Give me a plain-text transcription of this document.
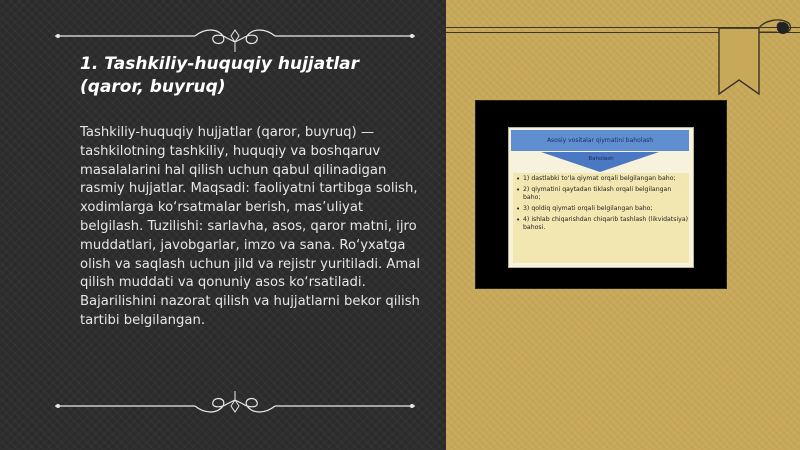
1. Tashkiliy-huquqiy hujjatlar (qaror, buyruq)

Tashkiliy-huquqiy hujjatlar (qaror, buyruq) — tashkilotning tashkiliy, huquqiy va boshqaruv masalalarini hal qilish uchun qabul qilinadigan rasmiy hujjatlar. Maqsadi: faoliyatni tartibga solish, xodimlarga ko‘rsatmalar berish, mas’uliyat belgilash. Tuzilishi: sarlavha, asos, qaror matni, ijro muddatlari, javobgarlar, imzo va sana. Ro‘yxatga olish va saqlash uchun jild va rejistr yuritiladi. Amal qilish muddati va qonuniy asos ko‘rsatiladi. Bajarilishini nazorat qilish va hujjatlarni bekor qilish tartibi belgilangan.

Asosiy vositalar qiymatini baholash
Baholash
• 1) dastlabki to‘la qiymat orqali belgilangan baho;
• 2) qiymatini qaytadan tiklash orqali belgilangan baho;
• 3) qoldiq qiymati orqali belgilangan baho;
• 4) ishlab chiqarishdan chiqarib tashlash (likvidatsiya) bahosi.
